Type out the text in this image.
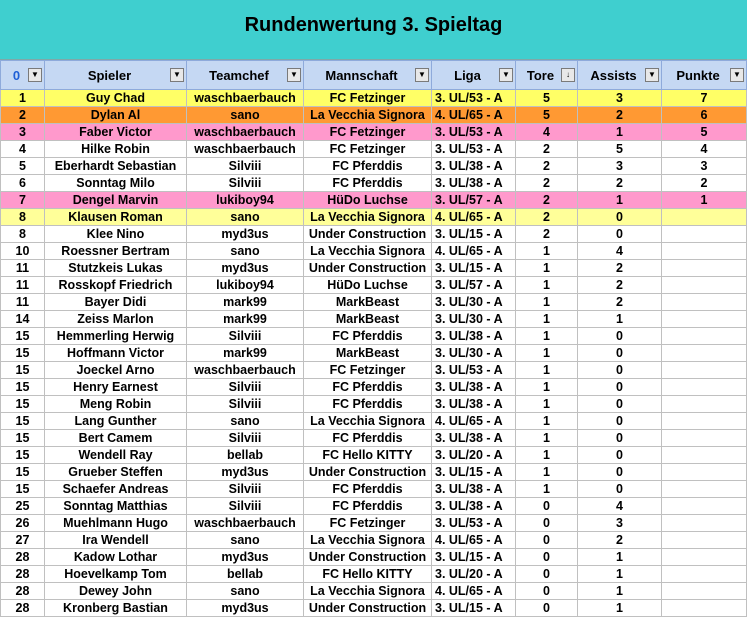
Rundenwertung 3. Spieltag
0 ▼	Spieler ▼	Teamchef ▼	Mannschaft ▼	Liga ▼	Tore ↓	Assists ▼	Punkte ▼

1	Guy Chad	waschbaerbauch	FC Fetzinger	3. UL/53 - A	5	3	7
2	Dylan Al	sano	La Vecchia Signora	4. UL/65 - A	5	2	6
3	Faber Victor	waschbaerbauch	FC Fetzinger	3. UL/53 - A	4	1	5
4	Hilke Robin	waschbaerbauch	FC Fetzinger	3. UL/53 - A	2	5	4
5	Eberhardt Sebastian	Silviii	FC Pferddis	3. UL/38 - A	2	3	3
6	Sonntag Milo	Silviii	FC Pferddis	3. UL/38 - A	2	2	2
7	Dengel Marvin	lukiboy94	HüDo Luchse	3. UL/57 - A	2	1	1
8	Klausen Roman	sano	La Vecchia Signora	4. UL/65 - A	2	0	
8	Klee Nino	myd3us	Under Construction	3. UL/15 - A	2	0	
10	Roessner Bertram	sano	La Vecchia Signora	4. UL/65 - A	1	4	
11	Stutzkeis Lukas	myd3us	Under Construction	3. UL/15 - A	1	2	
11	Rosskopf Friedrich	lukiboy94	HüDo Luchse	3. UL/57 - A	1	2	
11	Bayer Didi	mark99	MarkBeast	3. UL/30 - A	1	2	
14	Zeiss Marlon	mark99	MarkBeast	3. UL/30 - A	1	1	
15	Hemmerling Herwig	Silviii	FC Pferddis	3. UL/38 - A	1	0	
15	Hoffmann Victor	mark99	MarkBeast	3. UL/30 - A	1	0	
15	Joeckel Arno	waschbaerbauch	FC Fetzinger	3. UL/53 - A	1	0	
15	Henry Earnest	Silviii	FC Pferddis	3. UL/38 - A	1	0	
15	Meng Robin	Silviii	FC Pferddis	3. UL/38 - A	1	0	
15	Lang Gunther	sano	La Vecchia Signora	4. UL/65 - A	1	0	
15	Bert Camem	Silviii	FC Pferddis	3. UL/38 - A	1	0	
15	Wendell Ray	bellab	FC Hello KITTY	3. UL/20 - A	1	0	
15	Grueber Steffen	myd3us	Under Construction	3. UL/15 - A	1	0	
15	Schaefer Andreas	Silviii	FC Pferddis	3. UL/38 - A	1	0	
25	Sonntag Matthias	Silviii	FC Pferddis	3. UL/38 - A	0	4	
26	Muehlmann Hugo	waschbaerbauch	FC Fetzinger	3. UL/53 - A	0	3	
27	Ira Wendell	sano	La Vecchia Signora	4. UL/65 - A	0	2	
28	Kadow Lothar	myd3us	Under Construction	3. UL/15 - A	0	1	
28	Hoevelkamp Tom	bellab	FC Hello KITTY	3. UL/20 - A	0	1	
28	Dewey John	sano	La Vecchia Signora	4. UL/65 - A	0	1	
28	Kronberg Bastian	myd3us	Under Construction	3. UL/15 - A	0	1	
